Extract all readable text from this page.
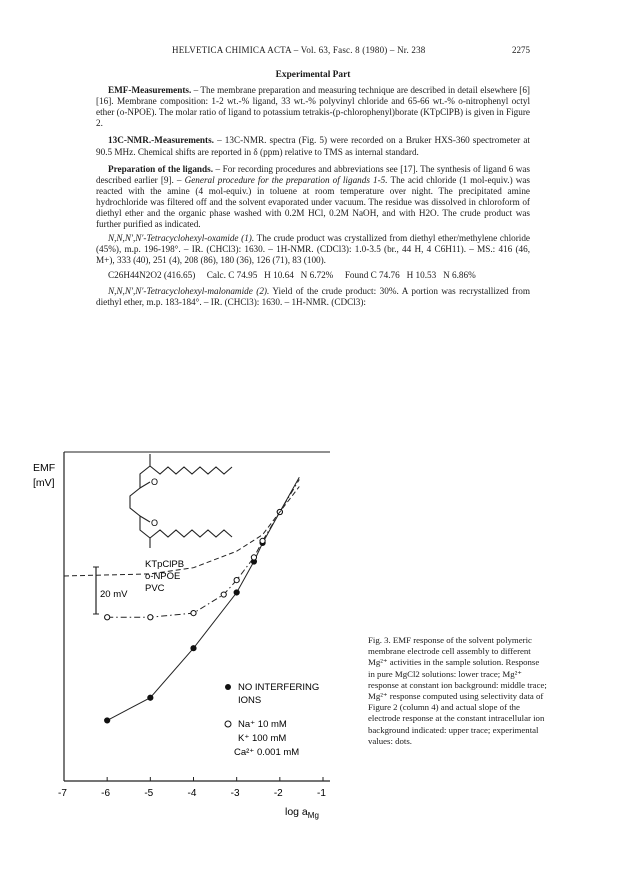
HELVETICA CHIMICA ACTA – Vol. 63, Fasc. 8 (1980) – Nr. 238	2275
Experimental Part

EMF-Measurements. – The membrane preparation and measuring technique are described in detail elsewhere [6] [16]. Membrane composition: 1-2 wt.-% ligand, 33 wt.-% polyvinyl chloride and 65-66 wt.-% o-nitrophenyl octyl ether (o-NPOE). The molar ratio of ligand to potassium tetrakis-(p-chlorophenyl)borate (KTpClPB) is given in Figure 2.

13C-NMR.-Measurements. – 13C-NMR. spectra (Fig. 5) were recorded on a Bruker HXS-360 spectrometer at 90.5 MHz. Chemical shifts are reported in δ (ppm) relative to TMS as internal standard.

Preparation of the ligands. – For recording procedures and abbreviations see [17]. The synthesis of ligand 6 was described earlier [9]. – General procedure for the preparation of ligands 1-5. The acid chloride (1 mol-equiv.) was reacted with the amine (4 mol-equiv.) in toluene at room temperature over night. The precipitated amine hydrochloride was filtered off and the solvent evaporated under vacuum. The residue was dissolved in chloroform of diethyl ether and the organic phase washed with 0.2M HCl, 0.2M NaOH, and with H2O. The crude product was further purified as indicated.

N,N,N′,N′-Tetracyclohexyl-oxamide (1). The crude product was crystallized from diethyl ether/methylene chloride (45%), m.p. 196-198°. – IR. (CHCl3): 1630. – 1H-NMR. (CDCl3): 1.0-3.5 (br., 44 H, 4 C6H11). – MS.: 416 (46, M+), 333 (40), 251 (4), 208 (86), 180 (36), 126 (71), 83 (100).

C26H44N2O2 (416.65)     Calc. C 74.95   H 10.64   N 6.72%     Found C 74.76   H 10.53   N 6.86%

N,N,N′,N′-Tetracyclohexyl-malonamide (2). Yield of the crude product: 30%. A portion was recrystallized from diethyl ether, m.p. 183-184°. – IR. (CHCl3): 1630. – 1H-NMR. (CDCl3):

EMF
[mV]
20 mV
O
O
KTpClPB
o-NPOE
PVC
-7	-6	-5	-4	-3	-2	-1
$\log a_{Mg}$
NO INTERFERING
IONS
Na⁺ 10 mM
K⁺ 100 mM
Ca²⁺ 0.001 mM
Fig. 3. EMF response of the solvent polymeric membrane electrode cell assembly to different Mg²⁺ activities in the sample solution. Response in pure MgCl2 solutions: lower trace; Mg²⁺ response at constant ion background: middle trace; Mg²⁺ response computed using selectivity data of Figure 2 (column 4) and actual slope of the electrode response at the constant intracellular ion background indicated: upper trace; experimental values: dots.
